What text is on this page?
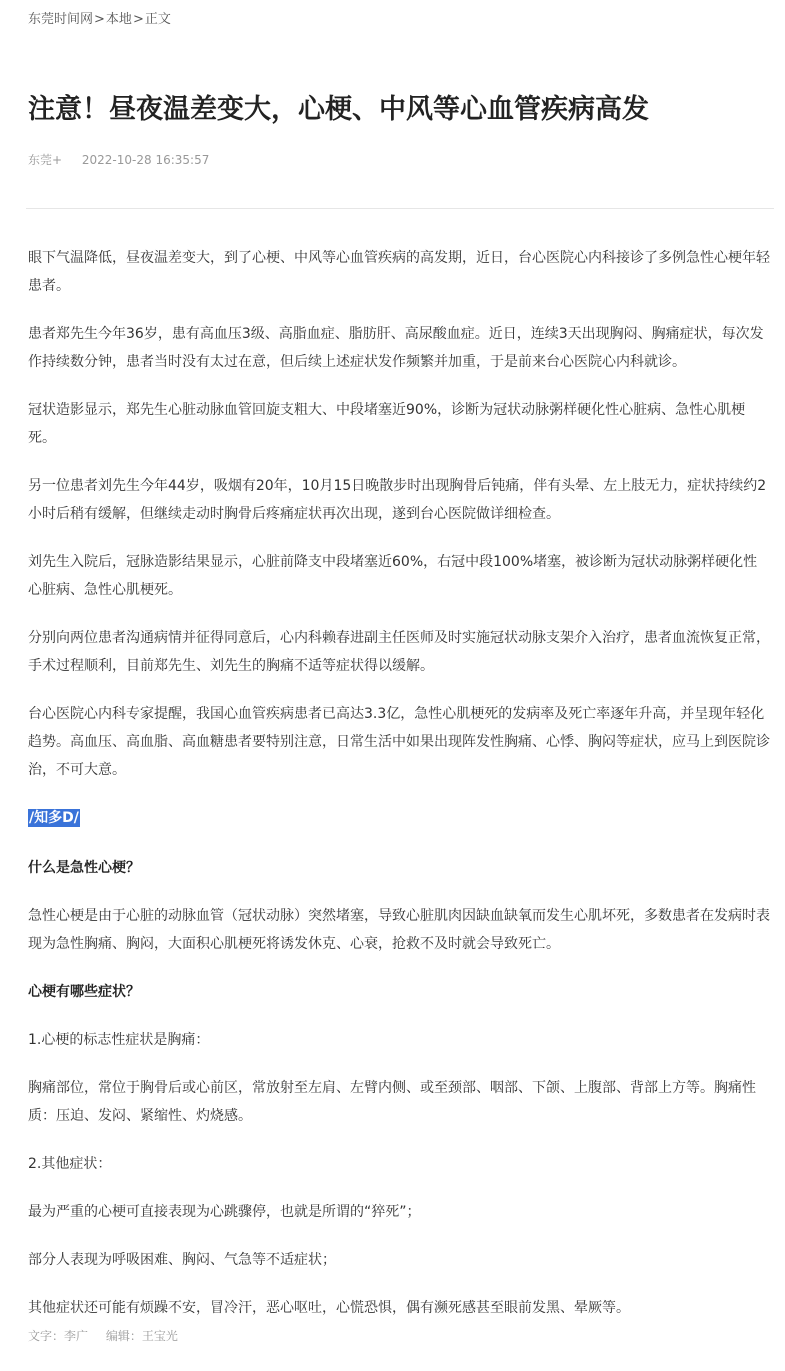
东莞时间网>本地>正文
注意！昼夜温差变大，心梗、中风等心血管疾病高发
东莞+ 2022-10-28 16:35:57

眼下气温降低，昼夜温差变大，到了心梗、中风等心血管疾病的高发期，近日，台心医院心内科接诊了多例急性心梗年轻患者。

患者郑先生今年36岁，患有高血压3级、高脂血症、脂肪肝、高尿酸血症。近日，连续3天出现胸闷、胸痛症状，每次发作持续数分钟，患者当时没有太过在意，但后续上述症状发作频繁并加重，于是前来台心医院心内科就诊。

冠状造影显示，郑先生心脏动脉血管回旋支粗大、中段堵塞近90%，诊断为冠状动脉粥样硬化性心脏病、急性心肌梗死。

另一位患者刘先生今年44岁，吸烟有20年，10月15日晚散步时出现胸骨后钝痛，伴有头晕、左上肢无力，症状持续约2小时后稍有缓解，但继续走动时胸骨后疼痛症状再次出现，遂到台心医院做详细检查。

刘先生入院后，冠脉造影结果显示，心脏前降支中段堵塞近60%，右冠中段100%堵塞，被诊断为冠状动脉粥样硬化性心脏病、急性心肌梗死。

分别向两位患者沟通病情并征得同意后，心内科赖春进副主任医师及时实施冠状动脉支架介入治疗，患者血流恢复正常，手术过程顺利，目前郑先生、刘先生的胸痛不适等症状得以缓解。

台心医院心内科专家提醒，我国心血管疾病患者已高达3.3亿，急性心肌梗死的发病率及死亡率逐年升高，并呈现年轻化趋势。高血压、高血脂、高血糖患者要特别注意，日常生活中如果出现阵发性胸痛、心悸、胸闷等症状，应马上到医院诊治，不可大意。

/知多D/

什么是急性心梗？

急性心梗是由于心脏的动脉血管（冠状动脉）突然堵塞，导致心脏肌肉因缺血缺氧而发生心肌坏死，多数患者在发病时表现为急性胸痛、胸闷，大面积心肌梗死将诱发休克、心衰，抢救不及时就会导致死亡。

心梗有哪些症状？

1.心梗的标志性症状是胸痛：

胸痛部位，常位于胸骨后或心前区，常放射至左肩、左臂内侧、或至颈部、咽部、下颌、上腹部、背部上方等。胸痛性质：压迫、发闷、紧缩性、灼烧感。

2.其他症状：

最为严重的心梗可直接表现为心跳骤停，也就是所谓的“猝死”；

部分人表现为呼吸困难、胸闷、气急等不适症状；

其他症状还可能有烦躁不安，冒冷汗，恶心呕吐，心慌恐惧，偶有濒死感甚至眼前发黑、晕厥等。

文字：李广 编辑：王宝光
